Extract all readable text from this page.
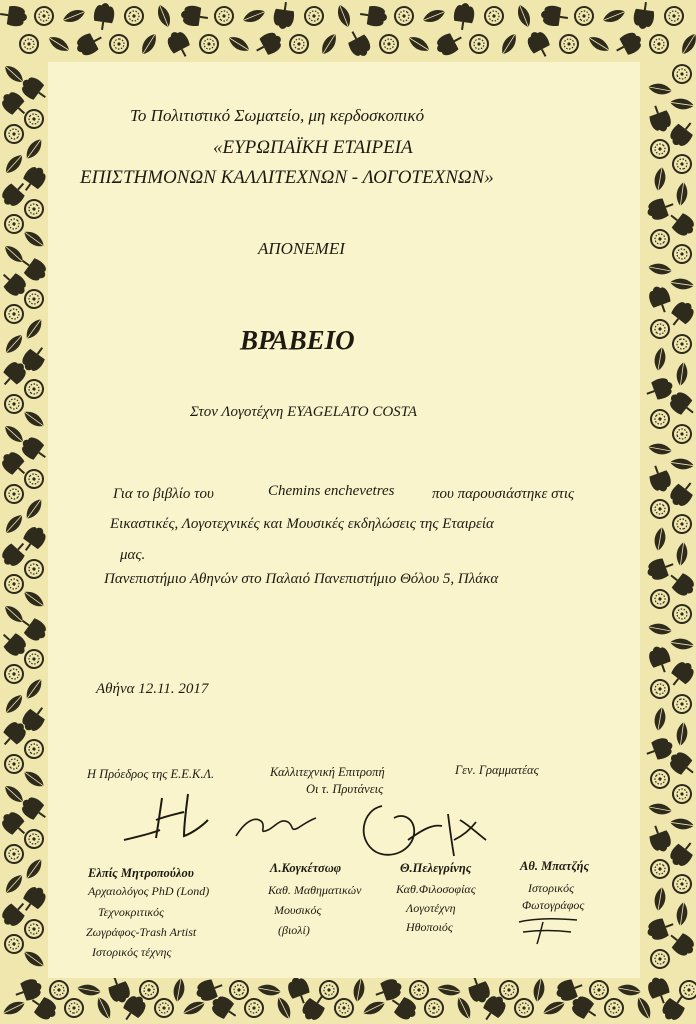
Το Πολιτιστικό Σωματείο, μη κερδοσκοπικό
«ΕΥΡΩΠΑΪΚΗ ΕΤΑΙΡΕΙΑ
ΕΠΙΣΤΗΜΟΝΩΝ ΚΑΛΛΙΤΕΧΝΩΝ - ΛΟΓΟΤΕΧΝΩΝ»
ΑΠΟΝΕΜΕΙ
ΒΡΑΒΕΙΟ
Στον Λογοτέχνη EYAGELATO COSTA
Για το βιβλίο του	Chemins enchevetres	που παρουσιάστηκε στις
Εικαστικές, Λογοτεχνικές και Μουσικές εκδηλώσεις της Εταιρεία
μας.
Πανεπιστήμιο Αθηνών στο Παλαιό Πανεπιστήμιο Θόλου 5, Πλάκα
Αθήνα 12.11. 2017
Η Πρόεδρος της Ε.Ε.Κ.Λ.	Καλλιτεχνική Επιτροπή
Οι τ. Πρυτάνεις
Γεν. Γραμματέας
Ελπίς Μητροπούλου
Αρχαιολόγος PhD (Lond)
Τεχνοκριτικός
Ζωγράφος-Trash Artist
Ιστορικός τέχνης
Λ.Κογκέτσωφ
Καθ. Μαθηματικών
Μουσικός
(βιολί)
Θ.Πελεγρίνης
Καθ.Φιλοσοφίας
Λογοτέχνη
Ηθοποιός
Αθ. Μπατζής
Ιστορικός
Φωτογράφος
